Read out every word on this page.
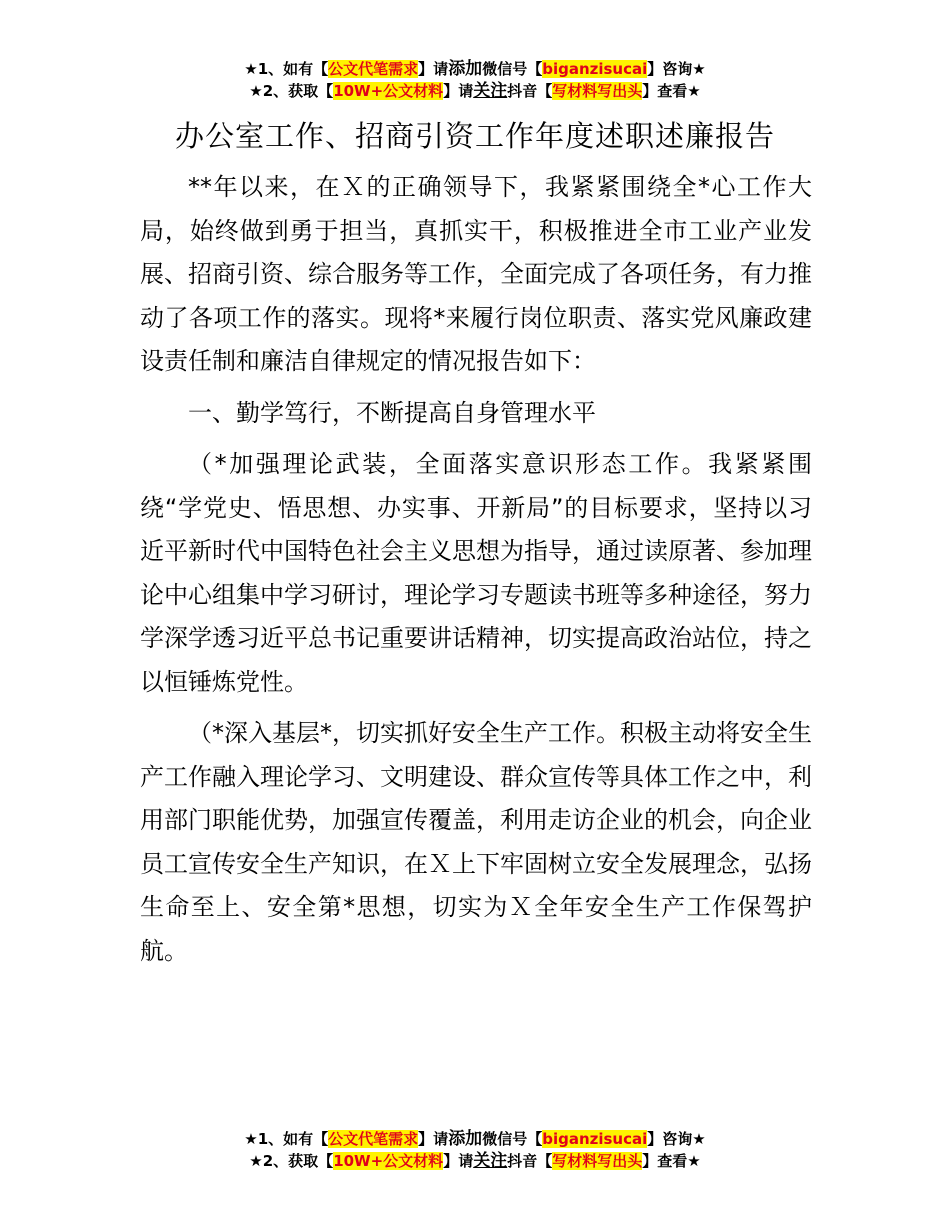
★1、如有【公文代笔需求】请添加微信号【biganzisucai】咨询★
★2、获取【10W+公文材料】请关注抖音【写材料写出头】查看★
办公室工作、招商引资工作年度述职述廉报告

**年以来，在Ｘ的正确领导下，我紧紧围绕全*心工作大局，始终做到勇于担当，真抓实干，积极推进全市工业产业发展、招商引资、综合服务等工作，全面完成了各项任务，有力推动了各项工作的落实。现将*来履行岗位职责、落实党风廉政建设责任制和廉洁自律规定的情况报告如下：

一、勤学笃行，不断提高自身管理水平

（*加强理论武装，全面落实意识形态工作。我紧紧围绕“学党史、悟思想、办实事、开新局”的目标要求，坚持以习近平新时代中国特色社会主义思想为指导，通过读原著、参加理论中心组集中学习研讨，理论学习专题读书班等多种途径，努力学深学透习近平总书记重要讲话精神，切实提高政治站位，持之以恒锤炼党性。

（*深入基层*，切实抓好安全生产工作。积极主动将安全生产工作融入理论学习、文明建设、群众宣传等具体工作之中，利用部门职能优势，加强宣传覆盖，利用走访企业的机会，向企业员工宣传安全生产知识，在Ｘ上下牢固树立安全发展理念，弘扬生命至上、安全第*思想，切实为Ｘ全年安全生产工作保驾护航。

★1、如有【公文代笔需求】请添加微信号【biganzisucai】咨询★
★2、获取【10W+公文材料】请关注抖音【写材料写出头】查看★
